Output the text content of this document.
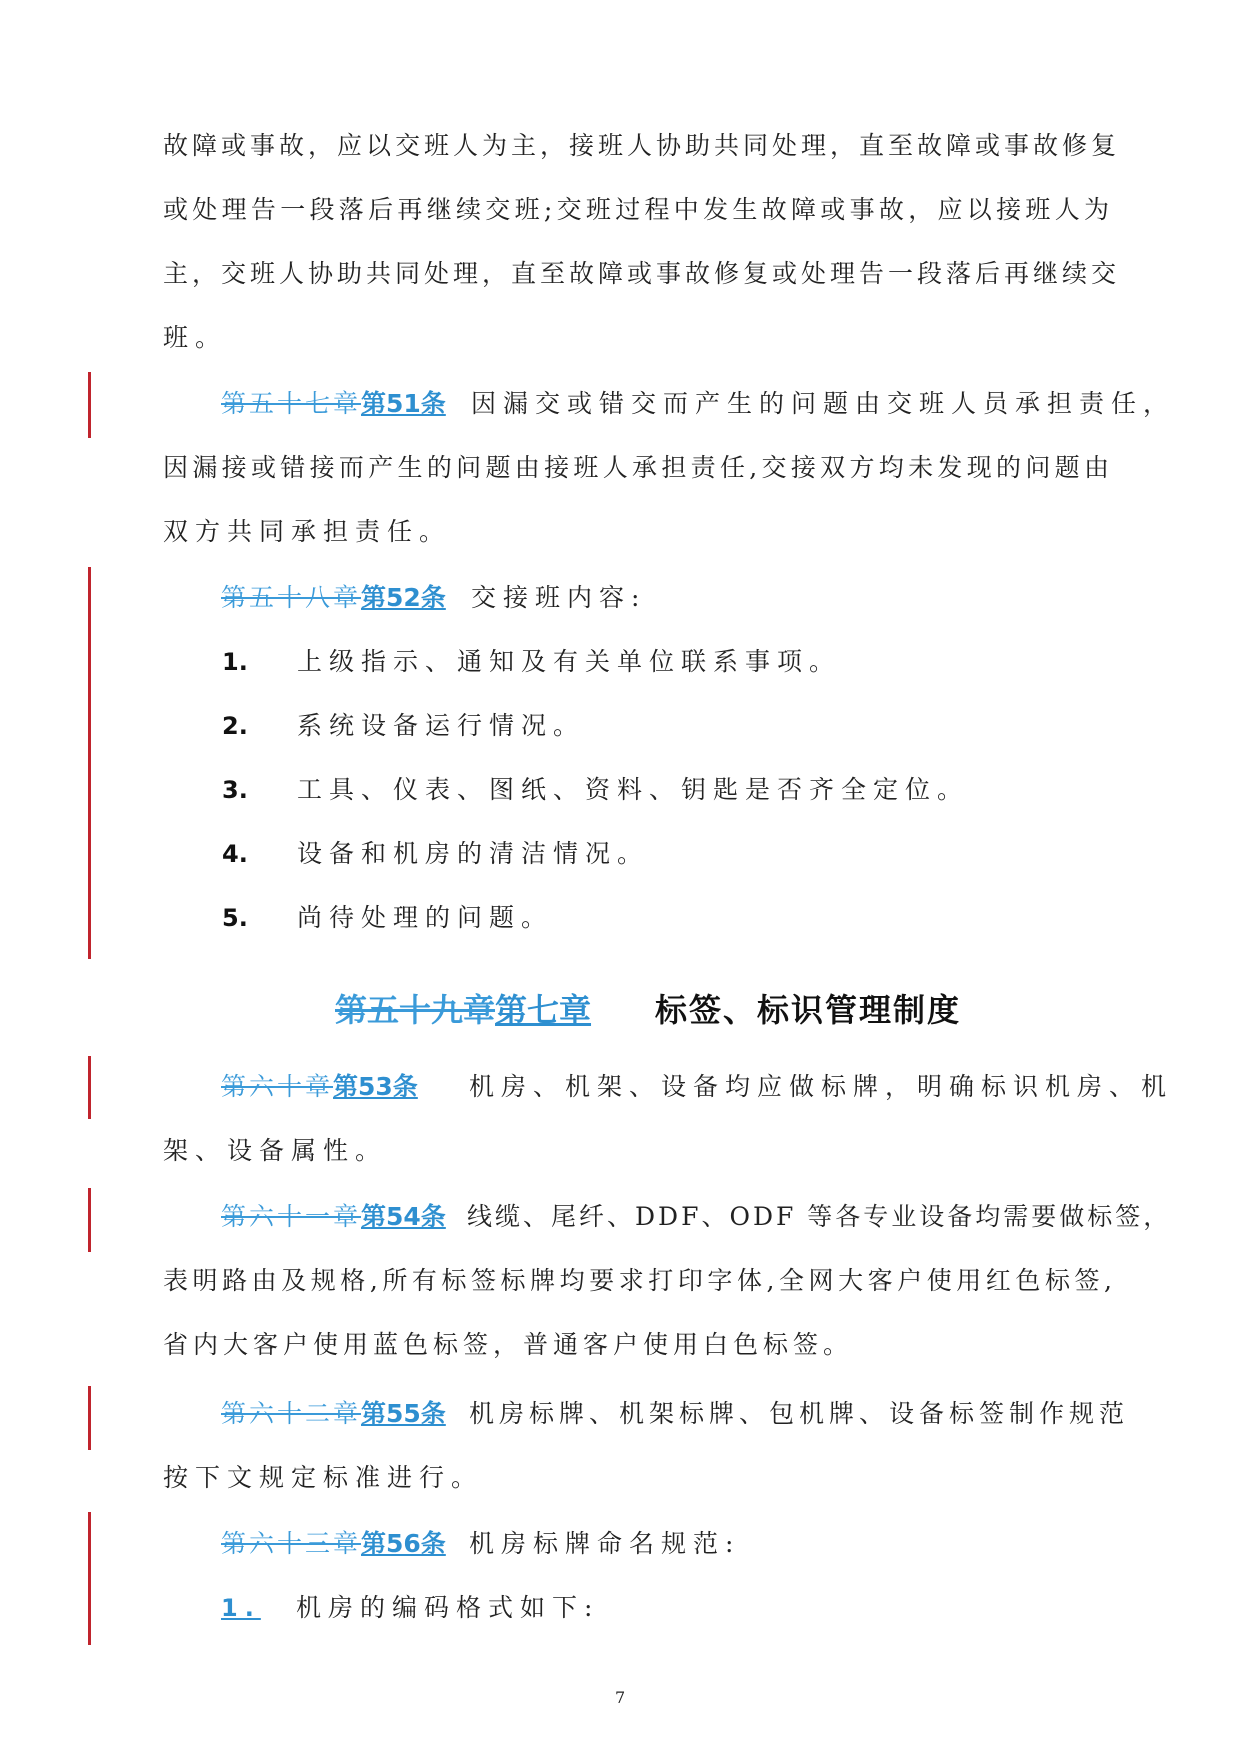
故障或事故，应以交班人为主，接班人协助共同处理，直至故障或事故修复
或处理告一段落后再继续交班;交班过程中发生故障或事故，应以接班人为
主，交班人协助共同处理，直至故障或事故修复或处理告一段落后再继续交
班。
第五十七章第51条 因漏交或错交而产生的问题由交班人员承担责任，
因漏接或错接而产生的问题由接班人承担责任,交接双方均未发现的问题由
双方共同承担责任。
第五十八章第52条 交接班内容:
1. 上级指示、通知及有关单位联系事项。
2. 系统设备运行情况。
3. 工具、仪表、图纸、资料、钥匙是否齐全定位。
4. 设备和机房的清洁情况。
5. 尚待处理的问题。
第五十九章第七章 标签、标识管理制度
第六十章第53条 机房、机架、设备均应做标牌，明确标识机房、机
架、设备属性。
第六十一章第54条 线缆、尾纤、DDF、ODF 等各专业设备均需要做标签，
表明路由及规格,所有标签标牌均要求打印字体,全网大客户使用红色标签,
省内大客户使用蓝色标签，普通客户使用白色标签。
第六十二章第55条 机房标牌、机架标牌、包机牌、设备标签制作规范
按下文规定标准进行。
第六十三章第56条 机房标牌命名规范:
1. 机房的编码格式如下:
7
